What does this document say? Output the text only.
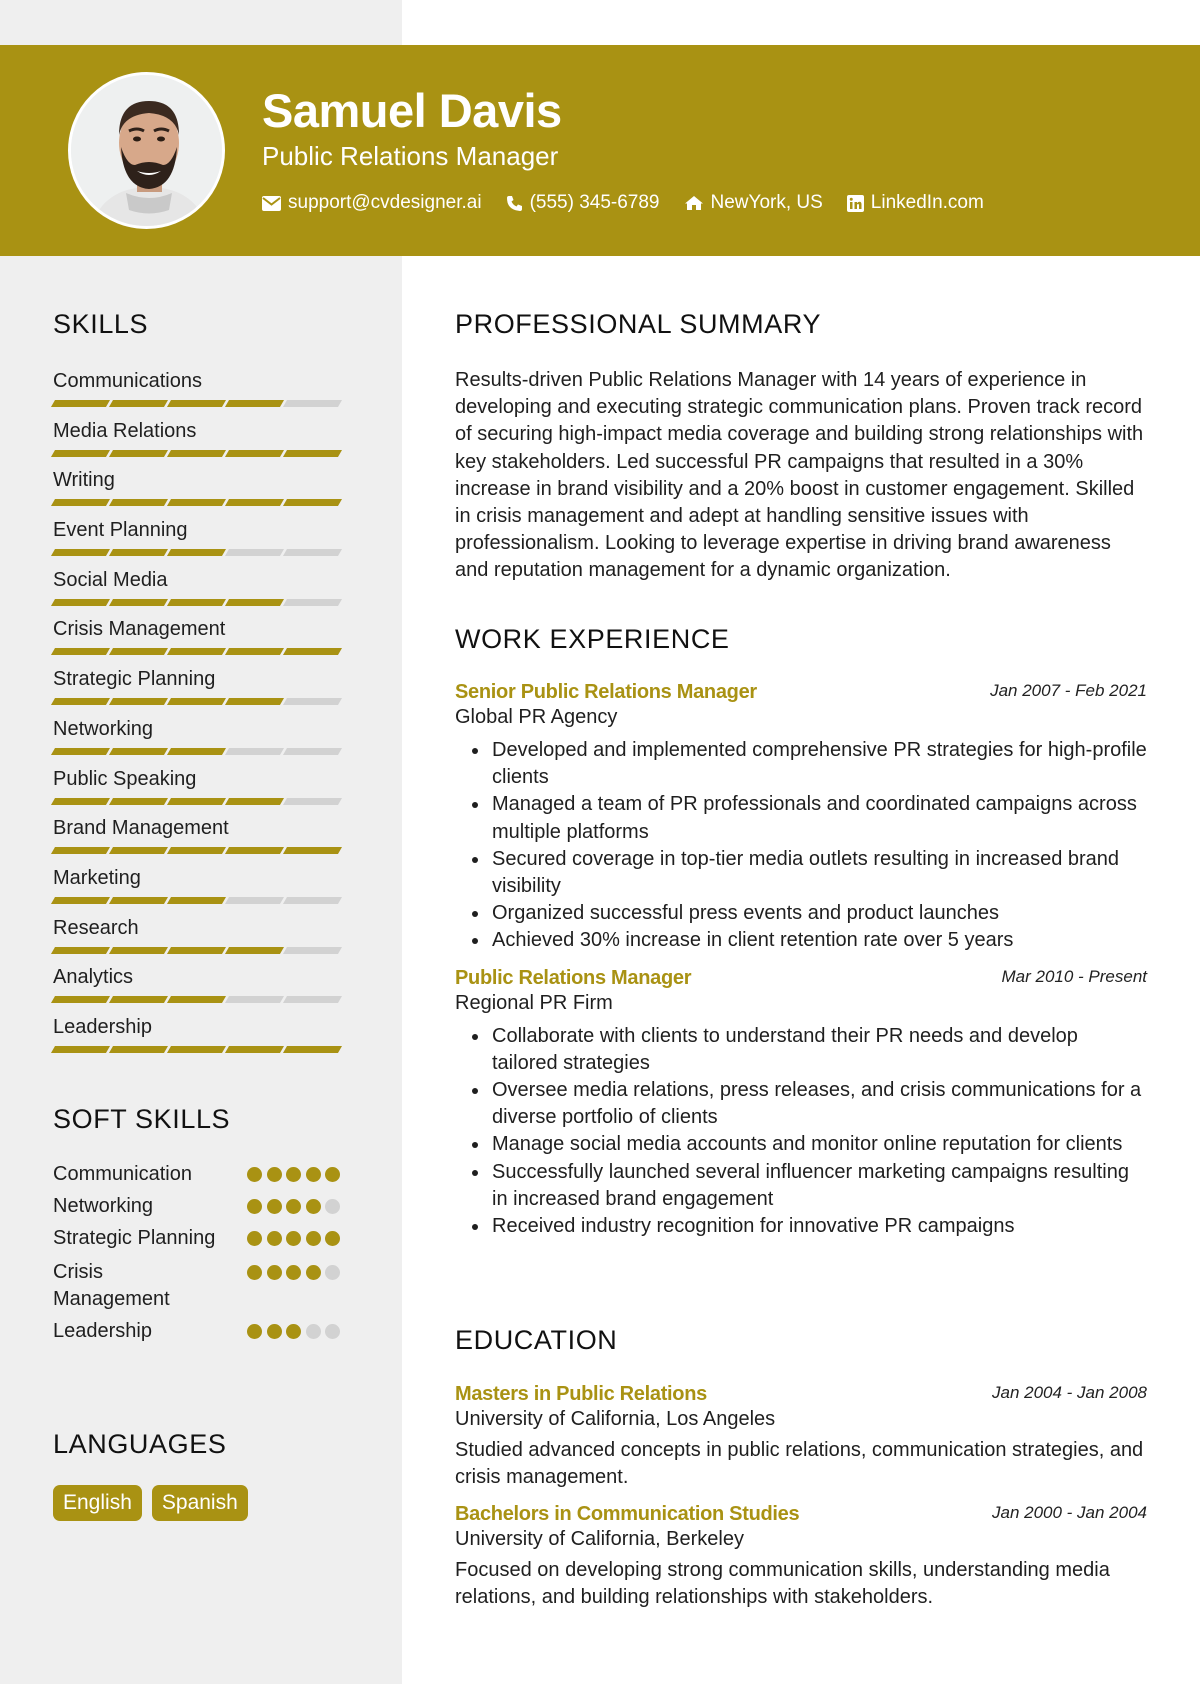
Samuel Davis
Public Relations Manager
support@cvdesigner.ai	(555) 345-6789	NewYork, US	LinkedIn.com
SKILLS
Communications
Media Relations
Writing
Event Planning
Social Media
Crisis Management
Strategic Planning
Networking
Public Speaking
Brand Management
Marketing
Research
Analytics
Leadership
SOFT SKILLS
Communication
Networking
Strategic Planning
Crisis Management
Leadership
LANGUAGES
English	Spanish
PROFESSIONAL SUMMARY
Results-driven Public Relations Manager with 14 years of experience in developing and executing strategic communication plans. Proven track record of securing high-impact media coverage and building strong relationships with key stakeholders. Led successful PR campaigns that resulted in a 30% increase in brand visibility and a 20% boost in customer engagement. Skilled in crisis management and adept at handling sensitive issues with professionalism. Looking to leverage expertise in driving brand awareness and reputation management for a dynamic organization.
WORK EXPERIENCE
Senior Public Relations Manager	Jan 2007 - Feb 2021
Global PR Agency
Developed and implemented comprehensive PR strategies for high-profile clients
Managed a team of PR professionals and coordinated campaigns across multiple platforms
Secured coverage in top-tier media outlets resulting in increased brand visibility
Organized successful press events and product launches
Achieved 30% increase in client retention rate over 5 years
Public Relations Manager	Mar 2010 - Present
Regional PR Firm
Collaborate with clients to understand their PR needs and develop tailored strategies
Oversee media relations, press releases, and crisis communications for a diverse portfolio of clients
Manage social media accounts and monitor online reputation for clients
Successfully launched several influencer marketing campaigns resulting in increased brand engagement
Received industry recognition for innovative PR campaigns
EDUCATION
Masters in Public Relations	Jan 2004 - Jan 2008
University of California, Los Angeles
Studied advanced concepts in public relations, communication strategies, and crisis management.
Bachelors in Communication Studies	Jan 2000 - Jan 2004
University of California, Berkeley
Focused on developing strong communication skills, understanding media relations, and building relationships with stakeholders.
